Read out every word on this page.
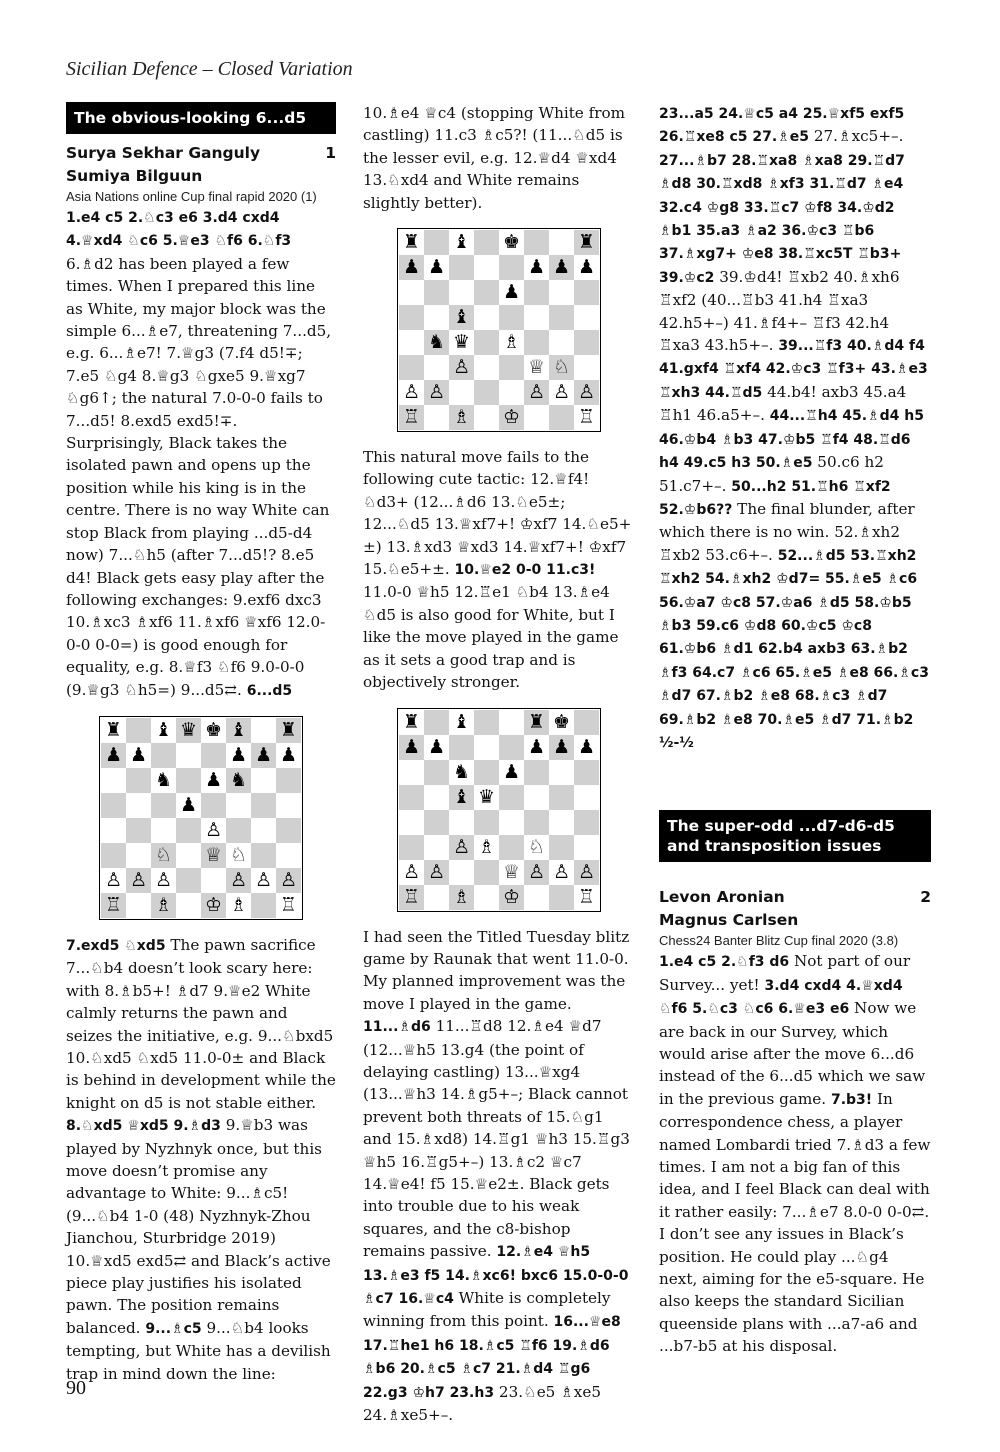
Sicilian Defence – Closed Variation
The obvious-looking 6...d5
Surya Sekhar Ganguly	1
Sumiya Bilguun
Asia Nations online Cup final rapid 2020 (1)

1.e4 c5 2.♘c3 e6 3.d4 cxd4 4.♕xd4 ♘c6 5.♕e3 ♘f6 6.♘f3 6.♗d2 has been played a few times. When I prepared this line as White, my major block was the simple 6...♗e7, threatening 7...d5, e.g. 6...♗e7! 7.♕g3 (7.f4 d5!∓; 7.e5 ♘g4 8.♕g3 ♘gxe5 9.♕xg7 ♘g6↑; the natural 7.0-0-0 fails to 7...d5! 8.exd5 exd5!∓. Surprisingly, Black takes the isolated pawn and opens up the position while his king is in the centre. There is no way White can stop Black from playing ...d5-d4 now) 7...♘h5 (after 7...d5!? 8.e5 d4! Black gets easy play after the following exchanges: 9.exf6 dxc3 10.♗xc3 ♗xf6 11.♗xf6 ♕xf6 12.0-0-0 0-0=) is good enough for equality, e.g. 8.♕f3 ♘f6 9.0-0-0 (9.♕g3 ♘h5=) 9...d5⇄. 6...d5

♜ ♝ ♛ ♚ ♝ ♜
♟ ♟	♟ ♟ ♟
♞ ♟ ♞
♟
♙
♘ ♕ ♘
♙ ♙ ♙	♙ ♙ ♙
♖ ♗ ♔ ♗ ♖

7.exd5 ♘xd5 The pawn sacrifice 7...♘b4 doesn’t look scary here: with 8.♗b5+! ♗d7 9.♕e2 White calmly returns the pawn and seizes the initiative, e.g. 9...♘bxd5 10.♘xd5 ♘xd5 11.0-0± and Black is behind in development while the knight on d5 is not stable either. 8.♘xd5 ♕xd5 9.♗d3 9.♕b3 was played by Nyzhnyk once, but this move doesn’t promise any advantage to White: 9...♗c5! (9...♘b4 1-0 (48) Nyzhnyk-Zhou Jianchou, Sturbridge 2019) 10.♕xd5 exd5⇄ and Black’s active piece play justifies his isolated pawn. The position remains balanced. 9...♗c5 9...♘b4 looks tempting, but White has a devilish trap in mind down the line:

10.♗e4 ♕c4 (stopping White from castling) 11.c3 ♗c5?! (11...♘d5 is the lesser evil, e.g. 12.♕d4 ♕xd4 13.♘xd4 and White remains slightly better).

♜ ♝ ♚	♜
♟ ♟	♟ ♟ ♟
♟
♝
♞ ♛ ♗
♙	♕ ♘
♙ ♙	♙ ♙ ♙
♖ ♗ ♔	♖

This natural move fails to the following cute tactic: 12.♕f4! ♘d3+ (12...♗d6 13.♘e5±; 12...♘d5 13.♕xf7+! ♔xf7 14.♘e5+±) 13.♗xd3 ♕xd3 14.♕xf7+! ♔xf7 15.♘e5+±. 10.♕e2 0-0 11.c3! 11.0-0 ♕h5 12.♖e1 ♘b4 13.♗e4 ♘d5 is also good for White, but I like the move played in the game as it sets a good trap and is objectively stronger.

♜ ♝	♜ ♚
♟ ♟	♟ ♟ ♟
♞ ♟
♝ ♛
♙ ♗ ♘
♙ ♙	♕ ♙ ♙ ♙
♖ ♗ ♔	♖

I had seen the Titled Tuesday blitz game by Raunak that went 11.0-0. My planned improvement was the move I played in the game. 11...♗d6 11...♖d8 12.♗e4 ♕d7 (12...♕h5 13.g4 (the point of delaying castling) 13...♕xg4 (13...♕h3 14.♗g5+–; Black cannot prevent both threats of 15.♘g1 and 15.♗xd8) 14.♖g1 ♕h3 15.♖g3 ♕h5 16.♖g5+–) 13.♗c2 ♕c7 14.♕e4! f5 15.♕e2±. Black gets into trouble due to his weak squares, and the c8-bishop remains passive. 12.♗e4 ♕h5 13.♗e3 f5 14.♗xc6! bxc6 15.0-0-0 ♗c7 16.♕c4 White is completely winning from this point. 16...♕e8 17.♖he1 h6 18.♗c5 ♖f6 19.♗d6 ♗b6 20.♗c5 ♗c7 21.♗d4 ♖g6 22.g3 ♔h7 23.h3 23.♘e5 ♗xe5 24.♗xe5+–.

23...a5 24.♕c5 a4 25.♕xf5 exf5 26.♖xe8 c5 27.♗e5 27.♗xc5+–. 27...♗b7 28.♖xa8 ♗xa8 29.♖d7 ♗d8 30.♖xd8 ♗xf3 31.♖d7 ♗e4 32.c4 ♔g8 33.♖c7 ♔f8 34.♔d2 ♗b1 35.a3 ♗a2 36.♔c3 ♖b6 37.♗xg7+ ♔e8 38.♖xc5T ♖b3+ 39.♔c2 39.♔d4! ♖xb2 40.♗xh6 ♖xf2 (40...♖b3 41.h4 ♖xa3 42.h5+–) 41.♗f4+– ♖f3 42.h4 ♖xa3 43.h5+–. 39...♖f3 40.♗d4 f4 41.gxf4 ♖xf4 42.♔c3 ♖f3+ 43.♗e3 ♖xh3 44.♖d5 44.b4! axb3 45.a4 ♖h1 46.a5+–. 44...♖h4 45.♗d4 h5 46.♔b4 ♗b3 47.♔b5 ♖f4 48.♖d6 h4 49.c5 h3 50.♗e5 50.c6 h2 51.c7+–. 50...h2 51.♖h6 ♖xf2 52.♔b6?? The final blunder, after which there is no win. 52.♗xh2 ♖xb2 53.c6+–. 52...♗d5 53.♖xh2 ♖xh2 54.♗xh2 ♔d7= 55.♗e5 ♗c6 56.♔a7 ♔c8 57.♔a6 ♗d5 58.♔b5 ♗b3 59.c6 ♔d8 60.♔c5 ♔c8 61.♔b6 ♗d1 62.b4 axb3 63.♗b2 ♗f3 64.c7 ♗c6 65.♗e5 ♗e8 66.♗c3 ♗d7 67.♗b2 ♗e8 68.♗c3 ♗d7 69.♗b2 ♗e8 70.♗e5 ♗d7 71.♗b2 ½-½

The super-odd ...d7-d6-d5 and transposition issues
Levon Aronian	2
Magnus Carlsen
Chess24 Banter Blitz Cup final 2020 (3.8)

1.e4 c5 2.♘f3 d6 Not part of our Survey... yet! 3.d4 cxd4 4.♕xd4 ♘f6 5.♘c3 ♘c6 6.♕e3 e6 Now we are back in our Survey, which would arise after the move 6...d6 instead of the 6...d5 which we saw in the previous game. 7.b3! In correspondence chess, a player named Lombardi tried 7.♗d3 a few times. I am not a big fan of this idea, and I feel Black can deal with it rather easily: 7...♗e7 8.0-0 0-0⇄. I don’t see any issues in Black’s position. He could play ...♘g4 next, aiming for the e5-square. He also keeps the standard Sicilian queenside plans with ...a7-a6 and ...b7-b5 at his disposal.

90
